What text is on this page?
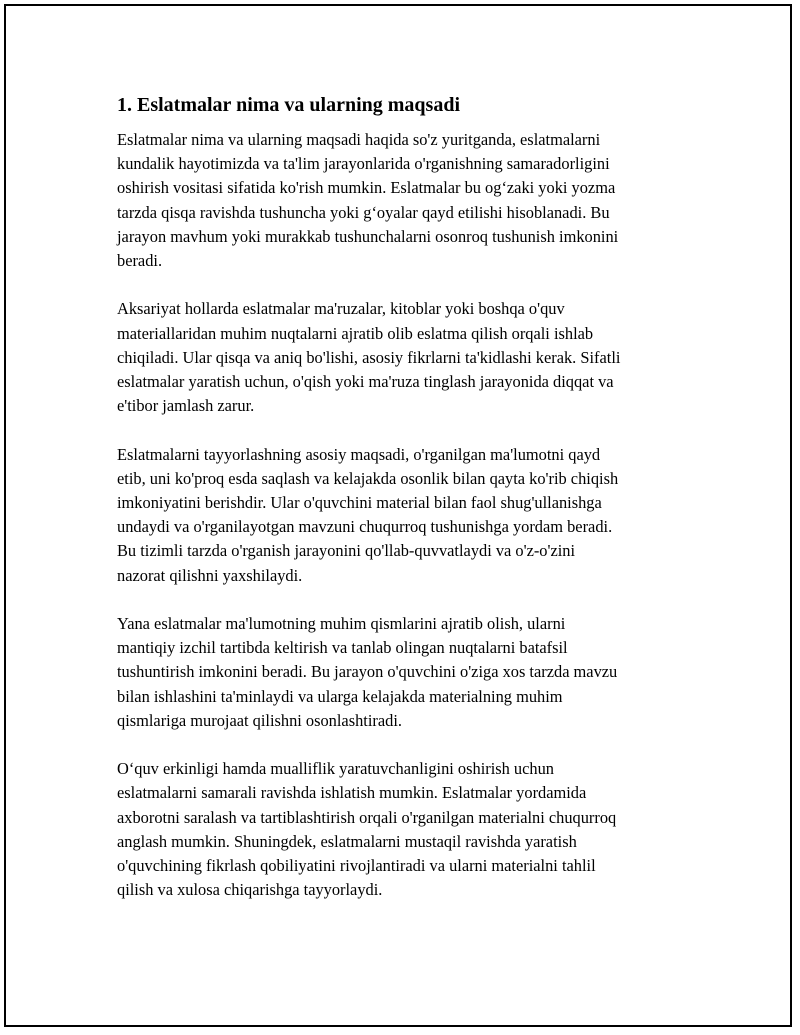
1. Eslatmalar nima va ularning maqsadi

Eslatmalar nima va ularning maqsadi haqida so'z yuritganda, eslatmalarni
kundalik hayotimizda va ta'lim jarayonlarida o'rganishning samaradorligini
oshirish vositasi sifatida ko'rish mumkin. Eslatmalar bu og‘zaki yoki yozma
tarzda qisqa ravishda tushuncha yoki g‘oyalar qayd etilishi hisoblanadi. Bu
jarayon mavhum yoki murakkab tushunchalarni osonroq tushunish imkonini
beradi.

Aksariyat hollarda eslatmalar ma'ruzalar, kitoblar yoki boshqa o'quv
materiallaridan muhim nuqtalarni ajratib olib eslatma qilish orqali ishlab
chiqiladi. Ular qisqa va aniq bo'lishi, asosiy fikrlarni ta'kidlashi kerak. Sifatli
eslatmalar yaratish uchun, o'qish yoki ma'ruza tinglash jarayonida diqqat va
e'tibor jamlash zarur.

Eslatmalarni tayyorlashning asosiy maqsadi, o'rganilgan ma'lumotni qayd
etib, uni ko'proq esda saqlash va kelajakda osonlik bilan qayta ko'rib chiqish
imkoniyatini berishdir. Ular o'quvchini material bilan faol shug'ullanishga
undaydi va o'rganilayotgan mavzuni chuqurroq tushunishga yordam beradi.
Bu tizimli tarzda o'rganish jarayonini qo'llab-quvvatlaydi va o'z-o'zini
nazorat qilishni yaxshilaydi.

Yana eslatmalar ma'lumotning muhim qismlarini ajratib olish, ularni
mantiqiy izchil tartibda keltirish va tanlab olingan nuqtalarni batafsil
tushuntirish imkonini beradi. Bu jarayon o'quvchini o'ziga xos tarzda mavzu
bilan ishlashini ta'minlaydi va ularga kelajakda materialning muhim
qismlariga murojaat qilishni osonlashtiradi.

O‘quv erkinligi hamda mualliflik yaratuvchanligini oshirish uchun
eslatmalarni samarali ravishda ishlatish mumkin. Eslatmalar yordamida
axborotni saralash va tartiblashtirish orqali o'rganilgan materialni chuqurroq
anglash mumkin. Shuningdek, eslatmalarni mustaqil ravishda yaratish
o'quvchining fikrlash qobiliyatini rivojlantiradi va ularni materialni tahlil
qilish va xulosa chiqarishga tayyorlaydi.
